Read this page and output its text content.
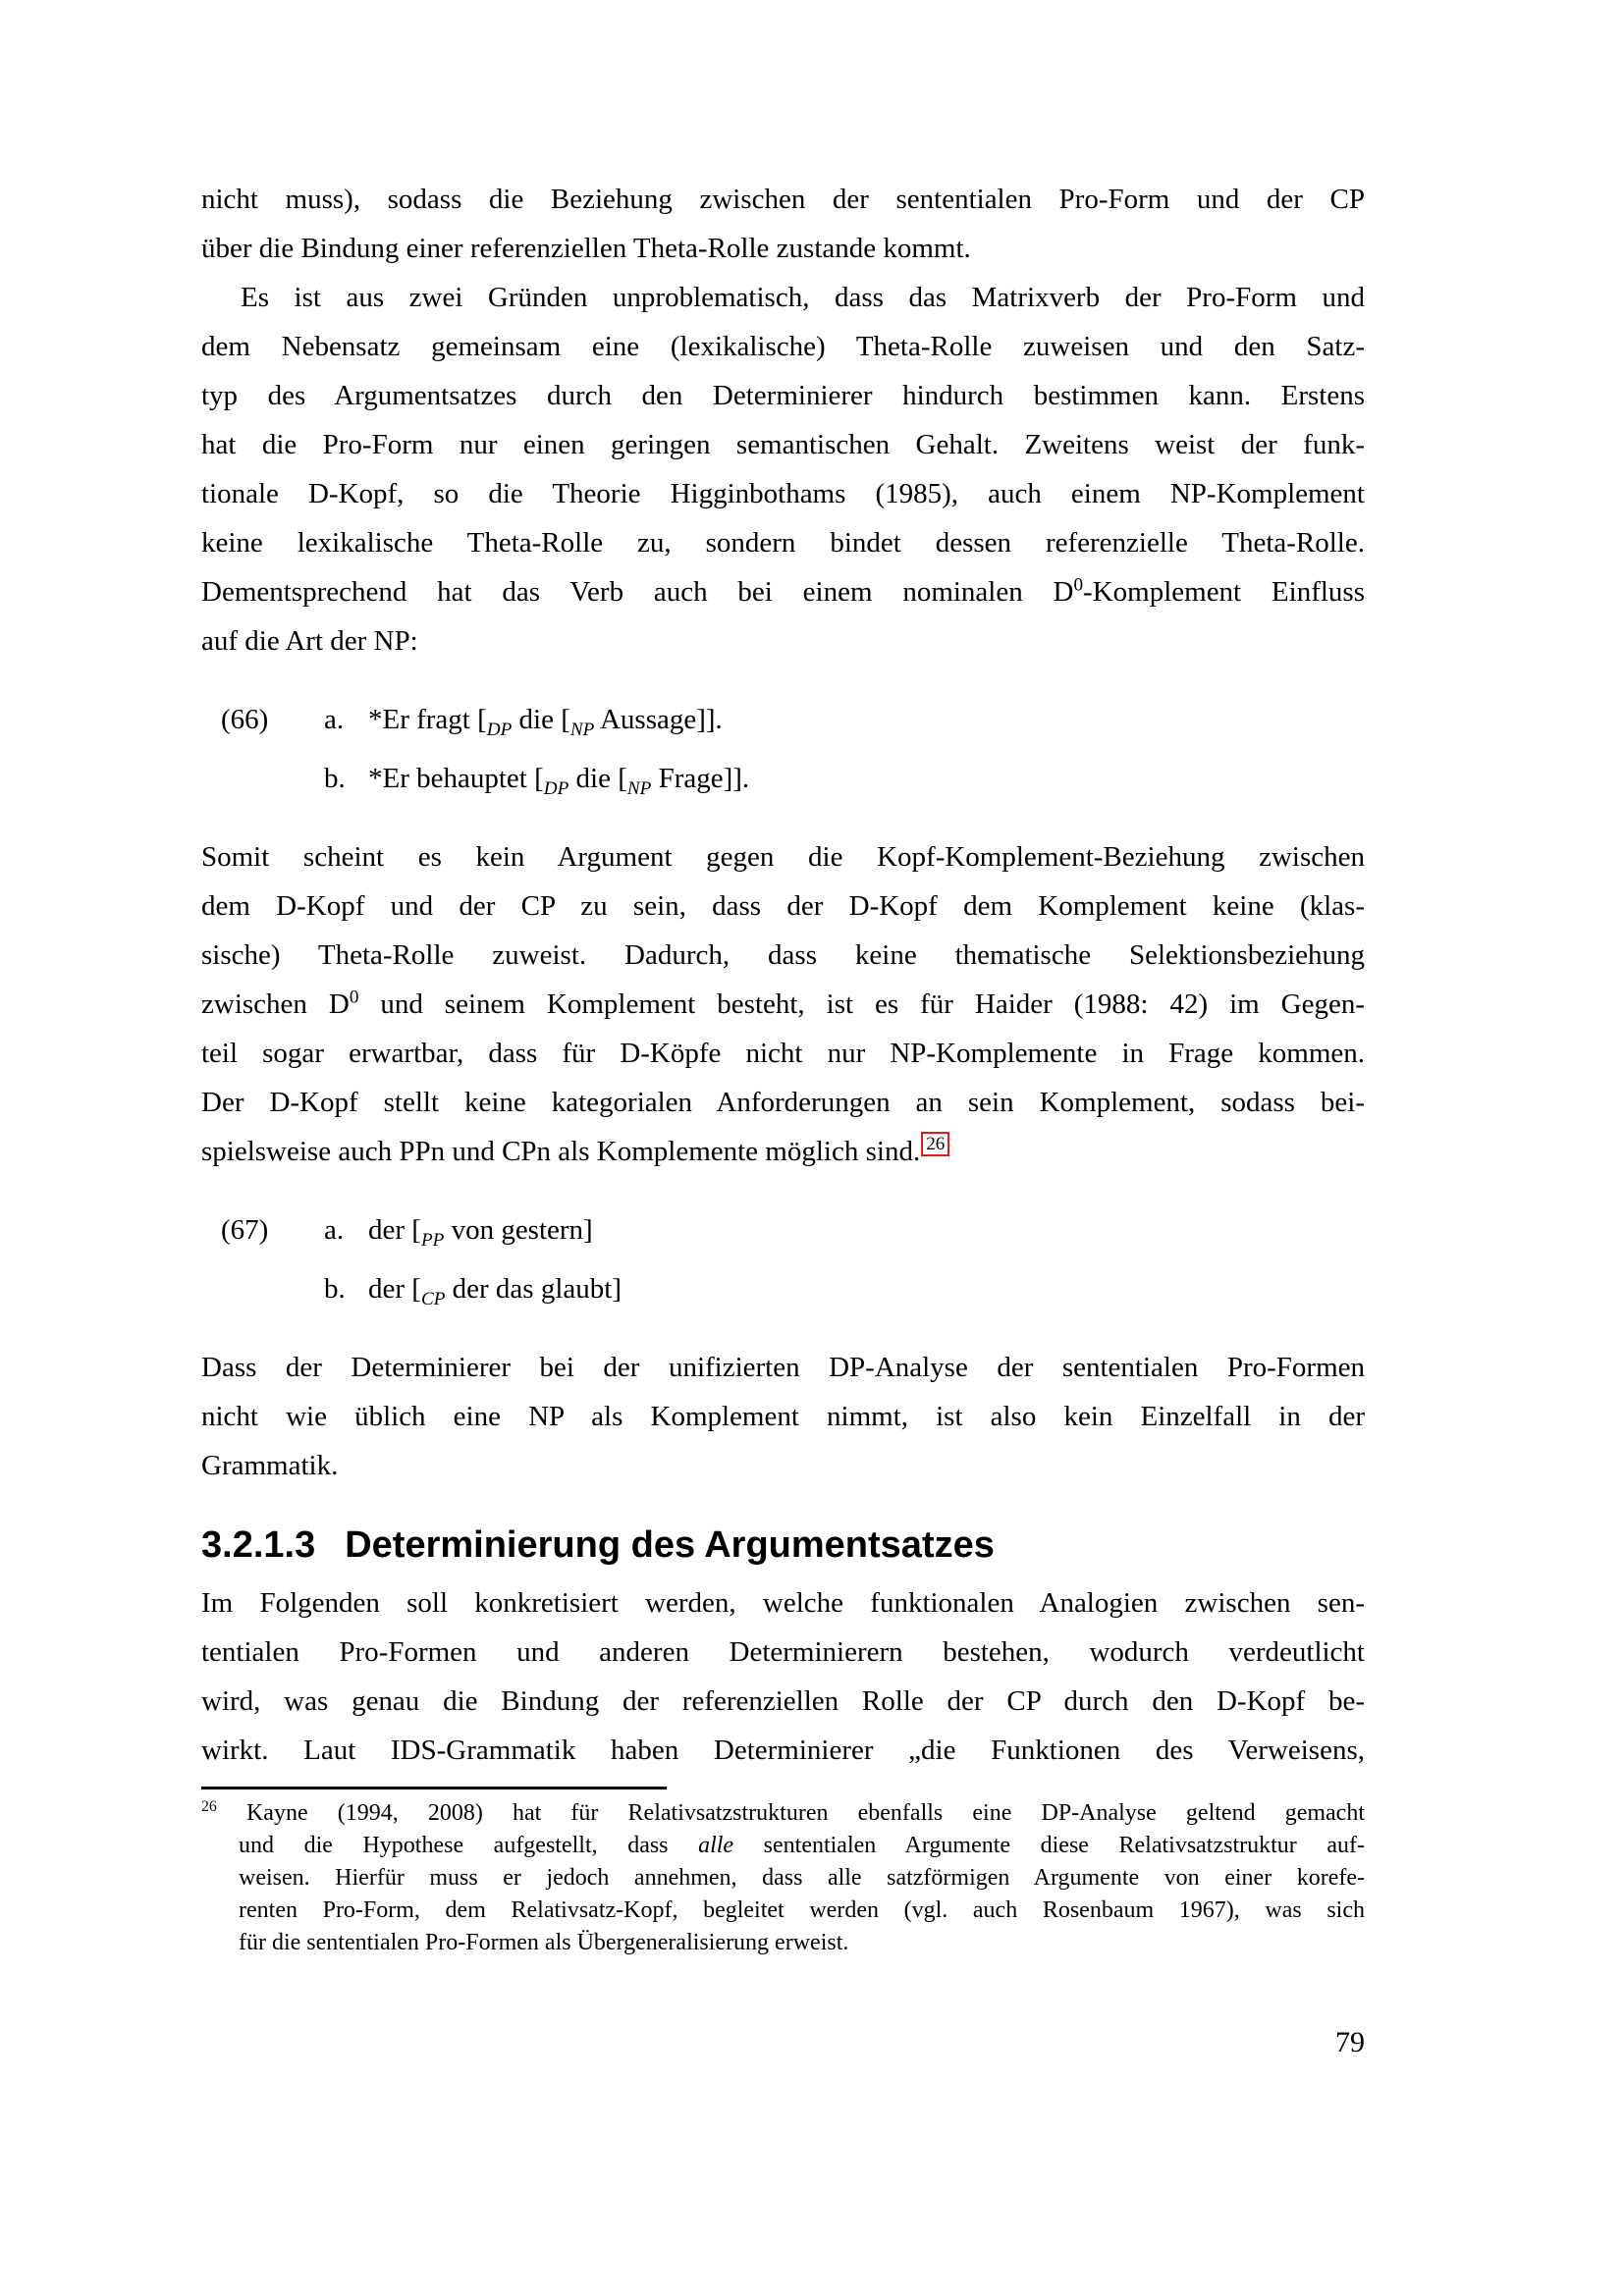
nicht muss), sodass die Beziehung zwischen der sententialen Pro-Form und der CP
über die Bindung einer referenziellen Theta-Rolle zustande kommt.
Es ist aus zwei Gründen unproblematisch, dass das Matrixverb der Pro-Form und
dem Nebensatz gemeinsam eine (lexikalische) Theta-Rolle zuweisen und den Satz-
typ des Argumentsatzes durch den Determinierer hindurch bestimmen kann. Erstens
hat die Pro-Form nur einen geringen semantischen Gehalt. Zweitens weist der funk-
tionale D-Kopf, so die Theorie Higginbothams (1985), auch einem NP-Komplement
keine lexikalische Theta-Rolle zu, sondern bindet dessen referenzielle Theta-Rolle.
Dementsprechend hat das Verb auch bei einem nominalen $D^0$-Komplement Einfluss
auf die Art der NP:
(66)	a. *Er fragt [$_{DP}$ die [$_{NP}$ Aussage]].
b. *Er behauptet [$_{DP}$ die [$_{NP}$ Frage]].
Somit scheint es kein Argument gegen die Kopf-Komplement-Beziehung zwischen
dem D-Kopf und der CP zu sein, dass der D-Kopf dem Komplement keine (klas-
sische) Theta-Rolle zuweist. Dadurch, dass keine thematische Selektionsbeziehung
zwischen $D^0$ und seinem Komplement besteht, ist es für Haider (1988: 42) im Gegen-
teil sogar erwartbar, dass für D-Köpfe nicht nur NP-Komplemente in Frage kommen.
Der D-Kopf stellt keine kategorialen Anforderungen an sein Komplement, sodass bei-
spielsweise auch PPn und CPn als Komplemente möglich sind. $^{26}$
(67)	a. der [$_{PP}$ von gestern]
b. der [$_{CP}$ der das glaubt]
Dass der Determinierer bei der unifizierten DP-Analyse der sententialen Pro-Formen
nicht wie üblich eine NP als Komplement nimmt, ist also kein Einzelfall in der
Grammatik.
3.2.1.3 Determinierung des Argumentsatzes
Im Folgenden soll konkretisiert werden, welche funktionalen Analogien zwischen sen-
tentialen Pro-Formen und anderen Determinierern bestehen, wodurch verdeutlicht
wird, was genau die Bindung der referenziellen Rolle der CP durch den D-Kopf be-
wirkt. Laut IDS-Grammatik haben Determinierer „die Funktionen des Verweisens,
$^{26}$ Kayne (1994, 2008) hat für Relativsatzstrukturen ebenfalls eine DP-Analyse geltend gemacht
und die Hypothese aufgestellt, dass alle sententialen Argumente diese Relativsatzstruktur auf-
weisen. Hierfür muss er jedoch annehmen, dass alle satzförmigen Argumente von einer korefe-
renten Pro-Form, dem Relativsatz-Kopf, begleitet werden (vgl. auch Rosenbaum 1967), was sich
für die sententialen Pro-Formen als Übergeneralisierung erweist.
79
